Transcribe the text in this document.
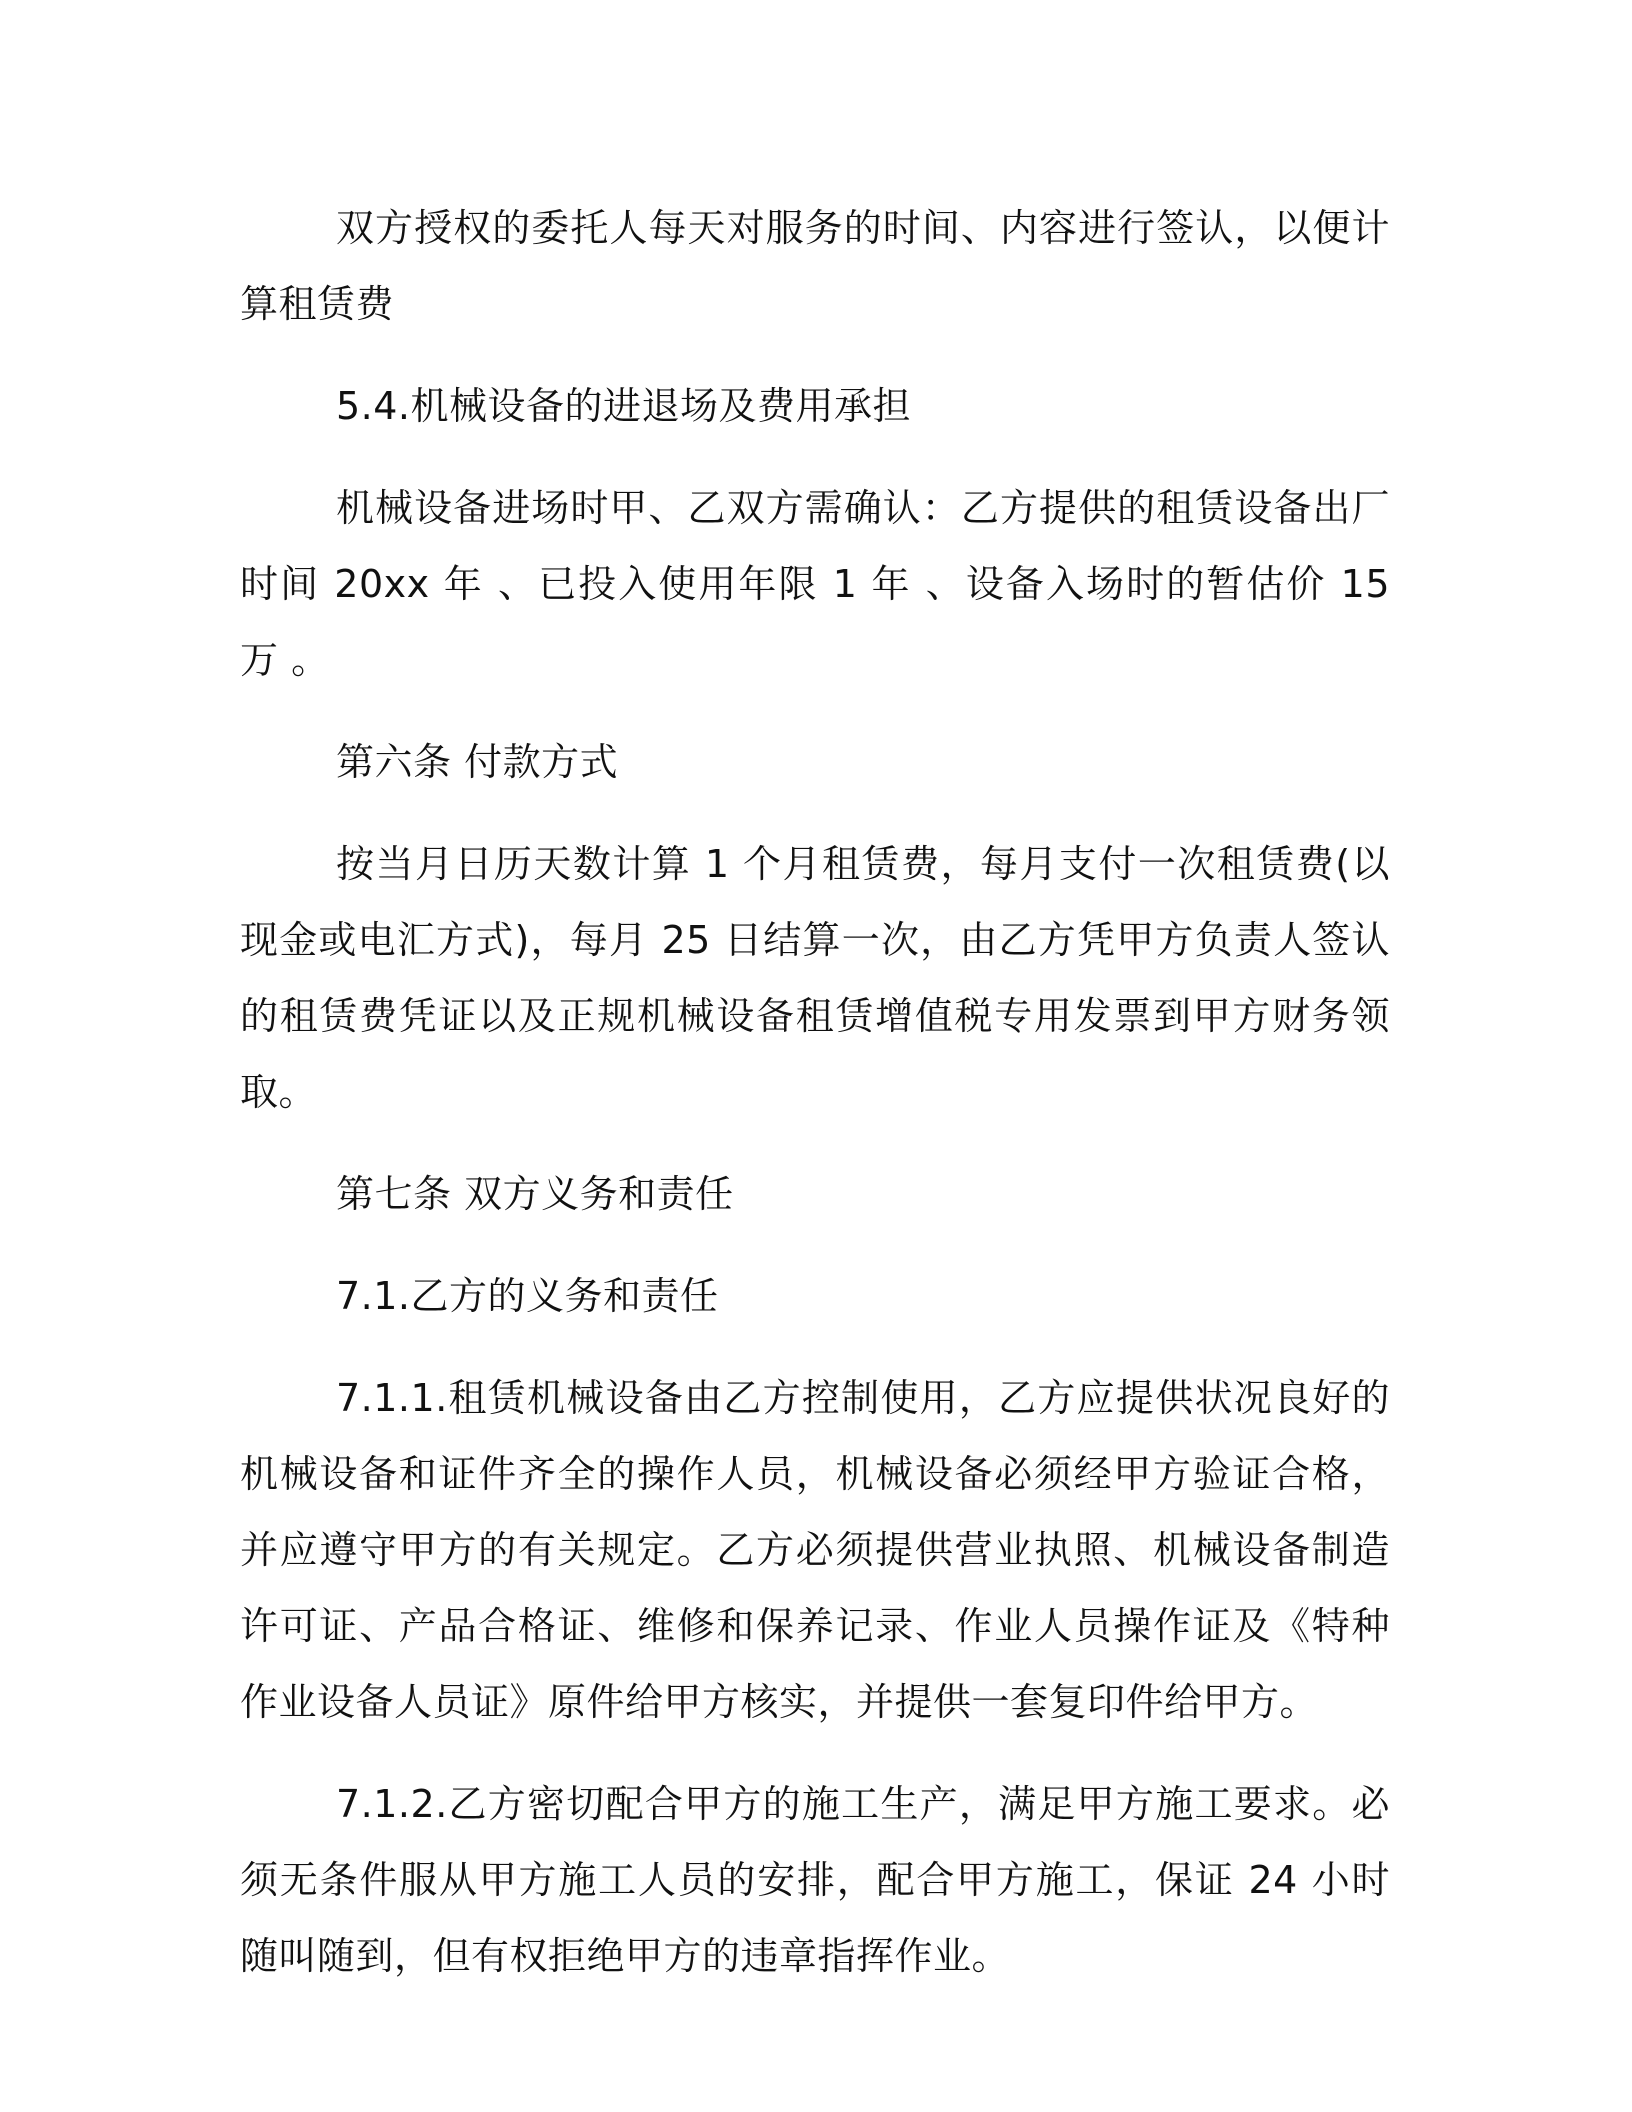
双方授权的委托人每天对服务的时间、内容进行签认，以便计算租赁费

5.4.机械设备的进退场及费用承担

机械设备进场时甲、乙双方需确认：乙方提供的租赁设备出厂时间 20xx 年 、已投入使用年限 1 年 、设备入场时的暂估价 15 万 。

第六条 付款方式

按当月日历天数计算 1 个月租赁费，每月支付一次租赁费(以现金或电汇方式)，每月 25 日结算一次，由乙方凭甲方负责人签认的租赁费凭证以及正规机械设备租赁增值税专用发票到甲方财务领取。

第七条 双方义务和责任

7.1.乙方的义务和责任

7.1.1.租赁机械设备由乙方控制使用，乙方应提供状况良好的机械设备和证件齐全的操作人员，机械设备必须经甲方验证合格，并应遵守甲方的有关规定。乙方必须提供营业执照、机械设备制造许可证、产品合格证、维修和保养记录、作业人员操作证及《特种作业设备人员证》原件给甲方核实，并提供一套复印件给甲方。

7.1.2.乙方密切配合甲方的施工生产，满足甲方施工要求。必须无条件服从甲方施工人员的安排，配合甲方施工，保证 24 小时随叫随到，但有权拒绝甲方的违章指挥作业。
